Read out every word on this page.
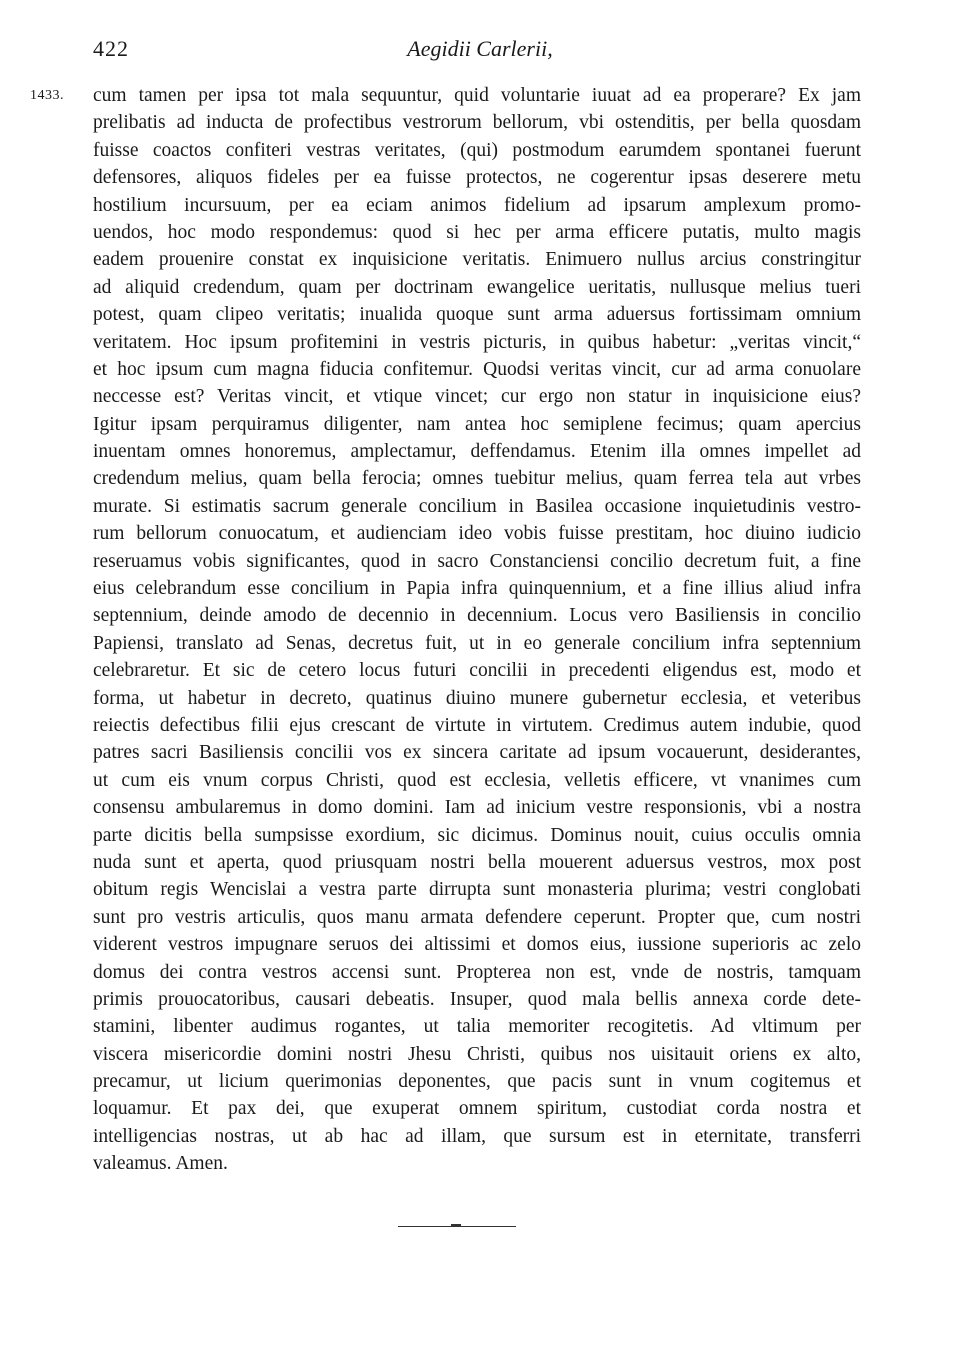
422	Aegidii Carlerii,
1433. cum tamen per ipsa tot mala sequuntur, quid voluntarie iuuat ad ea properare? Ex jam
prelibatis ad inducta de profectibus vestrorum bellorum, vbi ostenditis, per bella quosdam
fuisse coactos confiteri vestras veritates, (qui) postmodum earumdem spontanei fuerunt
defensores, aliquos fideles per ea fuisse protectos, ne cogerentur ipsas deserere metu
hostilium incursuum, per ea eciam animos fidelium ad ipsarum amplexum promo-
uendos, hoc modo respondemus: quod si hec per arma efficere putatis, multo magis
eadem prouenire constat ex inquisicione veritatis. Enimuero nullus arcius constringitur
ad aliquid credendum, quam per doctrinam ewangelice ueritatis, nullusque melius tueri
potest, quam clipeo veritatis; inualida quoque sunt arma aduersus fortissimam omnium
veritatem. Hoc ipsum profitemini in vestris picturis, in quibus habetur: „veritas vincit,“
et hoc ipsum cum magna fiducia confitemur. Quodsi veritas vincit, cur ad arma conuolare
neccesse est? Veritas vincit, et vtique vincet; cur ergo non statur in inquisicione eius?
Igitur ipsam perquiramus diligenter, nam antea hoc semiplene fecimus; quam apercius
inuentam omnes honoremus, amplectamur, deffendamus. Etenim illa omnes impellet ad
credendum melius, quam bella ferocia; omnes tuebitur melius, quam ferrea tela aut vrbes
murate. Si estimatis sacrum generale concilium in Basilea occasione inquietudinis vestro-
rum bellorum conuocatum, et audienciam ideo vobis fuisse prestitam, hoc diuino iudicio
reseruamus vobis significantes, quod in sacro Constanciensi concilio decretum fuit, a fine
eius celebrandum esse concilium in Papia infra quinquennium, et a fine illius aliud infra
septennium, deinde amodo de decennio in decennium. Locus vero Basiliensis in concilio
Papiensi, translato ad Senas, decretus fuit, ut in eo generale concilium infra septennium
celebraretur. Et sic de cetero locus futuri concilii in precedenti eligendus est, modo et
forma, ut habetur in decreto, quatinus diuino munere gubernetur ecclesia, et veteribus
reiectis defectibus filii ejus crescant de virtute in virtutem. Credimus autem indubie, quod
patres sacri Basiliensis concilii vos ex sincera caritate ad ipsum vocauerunt, desiderantes,
ut cum eis vnum corpus Christi, quod est ecclesia, velletis efficere, vt vnanimes cum
consensu ambularemus in domo domini. Iam ad inicium vestre responsionis, vbi a nostra
parte dicitis bella sumpsisse exordium, sic dicimus. Dominus nouit, cuius occulis omnia
nuda sunt et aperta, quod priusquam nostri bella mouerent aduersus vestros, mox post
obitum regis Wencislai a vestra parte dirrupta sunt monasteria plurima; vestri conglobati
sunt pro vestris articulis, quos manu armata defendere ceperunt. Propter que, cum nostri
viderent vestros impugnare seruos dei altissimi et domos eius, iussione superioris ac zelo
domus dei contra vestros accensi sunt. Propterea non est, vnde de nostris, tamquam
primis prouocatoribus, causari debeatis. Insuper, quod mala bellis annexa corde dete-
stamini, libenter audimus rogantes, ut talia memoriter recogitetis. Ad vltimum per
viscera misericordie domini nostri Jhesu Christi, quibus nos uisitauit oriens ex alto,
precamur, ut licium querimonias deponentes, que pacis sunt in vnum cogitemus et
loquamur. Et pax dei, que exuperat omnem spiritum, custodiat corda nostra et
intelligencias nostras, ut ab hac ad illam, que sursum est in eternitate, transferri
valeamus. Amen.
